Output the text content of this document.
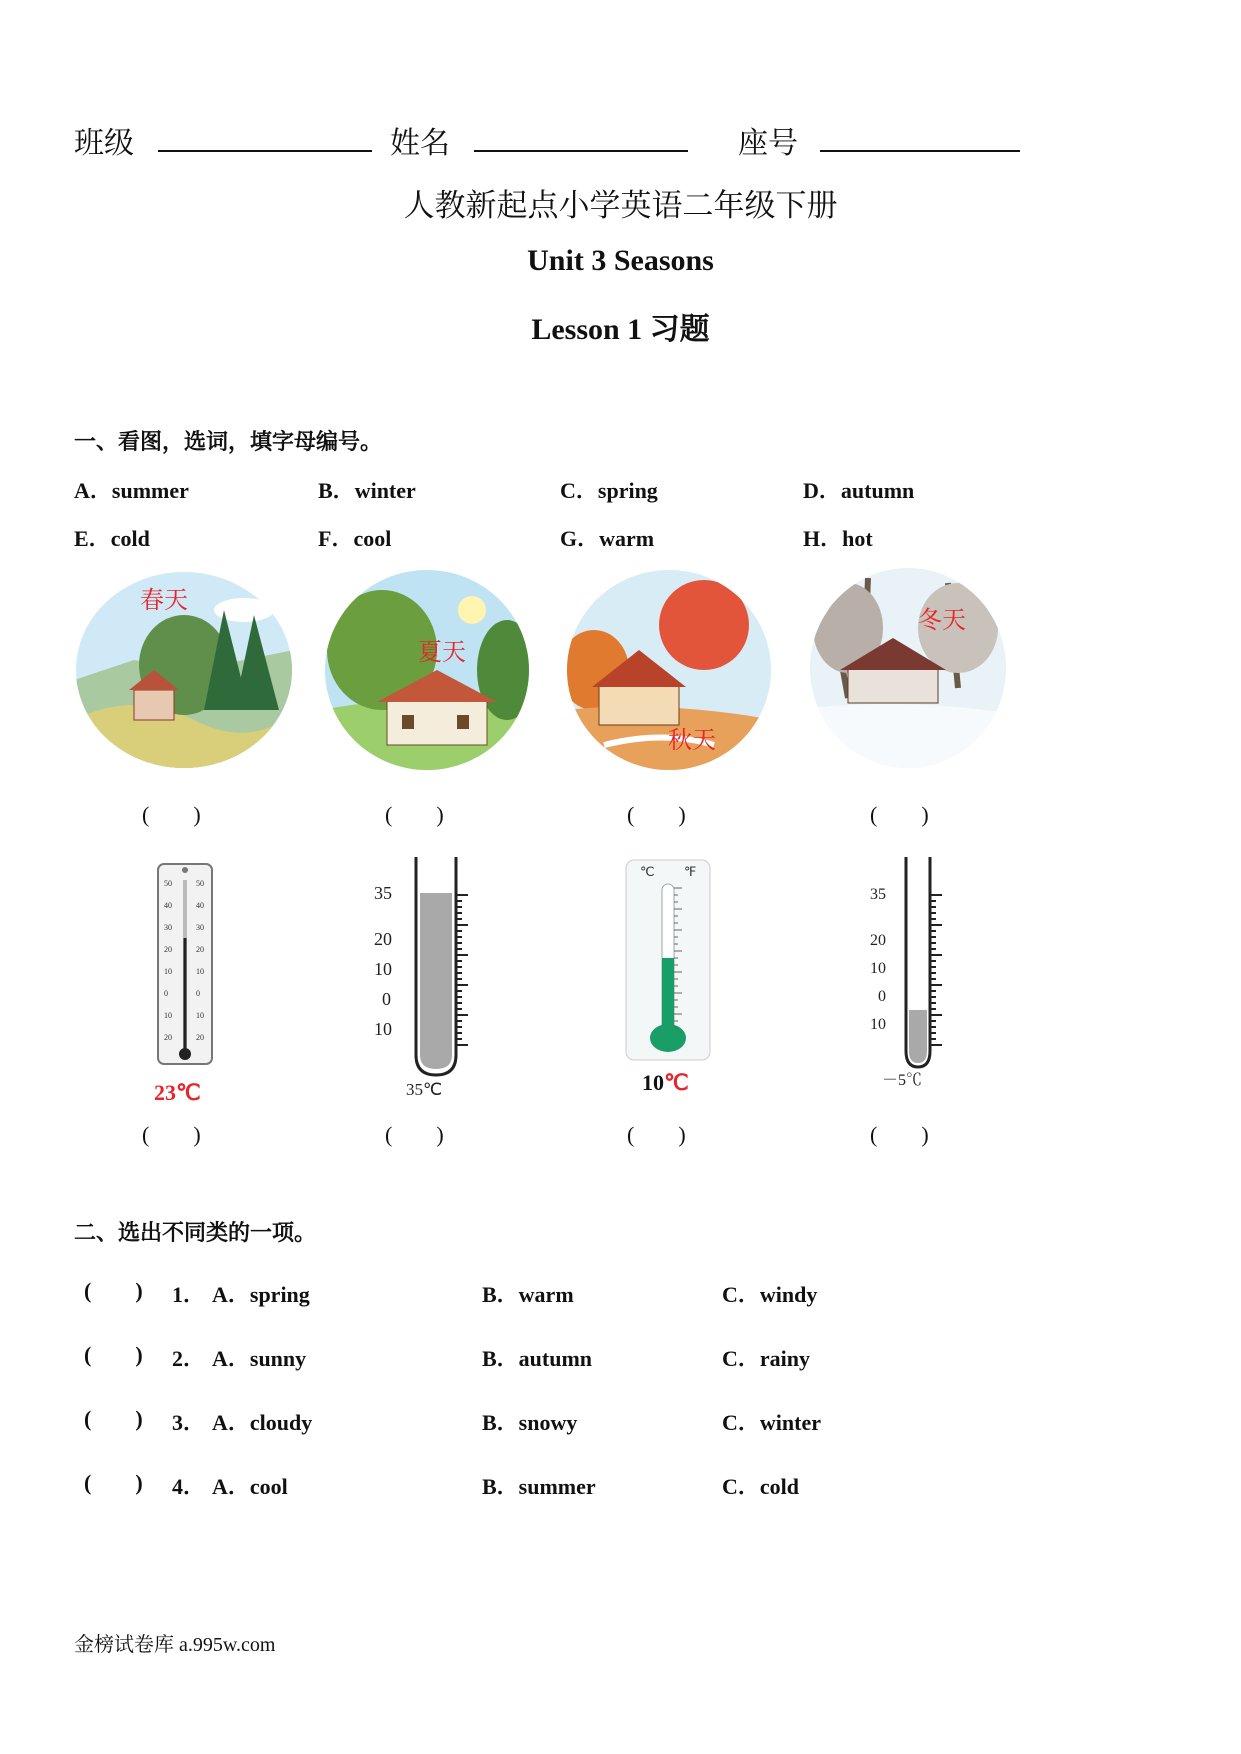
班级	姓名	座号
人教新起点小学英语二年级下册
Unit 3 Seasons
Lesson 1 习题
一、看图，选词，填字母编号。
A．summer	B．winter	C．spring	D．autumn
E．cold	F．cool	G．warm	H．hot
春天
夏天
秋天
冬天
(        )	(        )	(        )	(        )
50	50
40	40
30	30
20	20
10	10
0	0
10	10
20	20
23℃
35
20
10
0
10
35℃
℃ ℉
10℃
35
20
10
0
10
－5℃
(        )	(        )	(        )	(        )
二、选出不同类的一项。
(        ) 1． A．spring	B．warm	C．windy
(        ) 2． A．sunny	B．autumn	C．rainy
(        ) 3． A．cloudy	B．snowy	C．winter
(        ) 4． A．cool	B．summer	C．cold
金榜试卷库 a.995w.com
